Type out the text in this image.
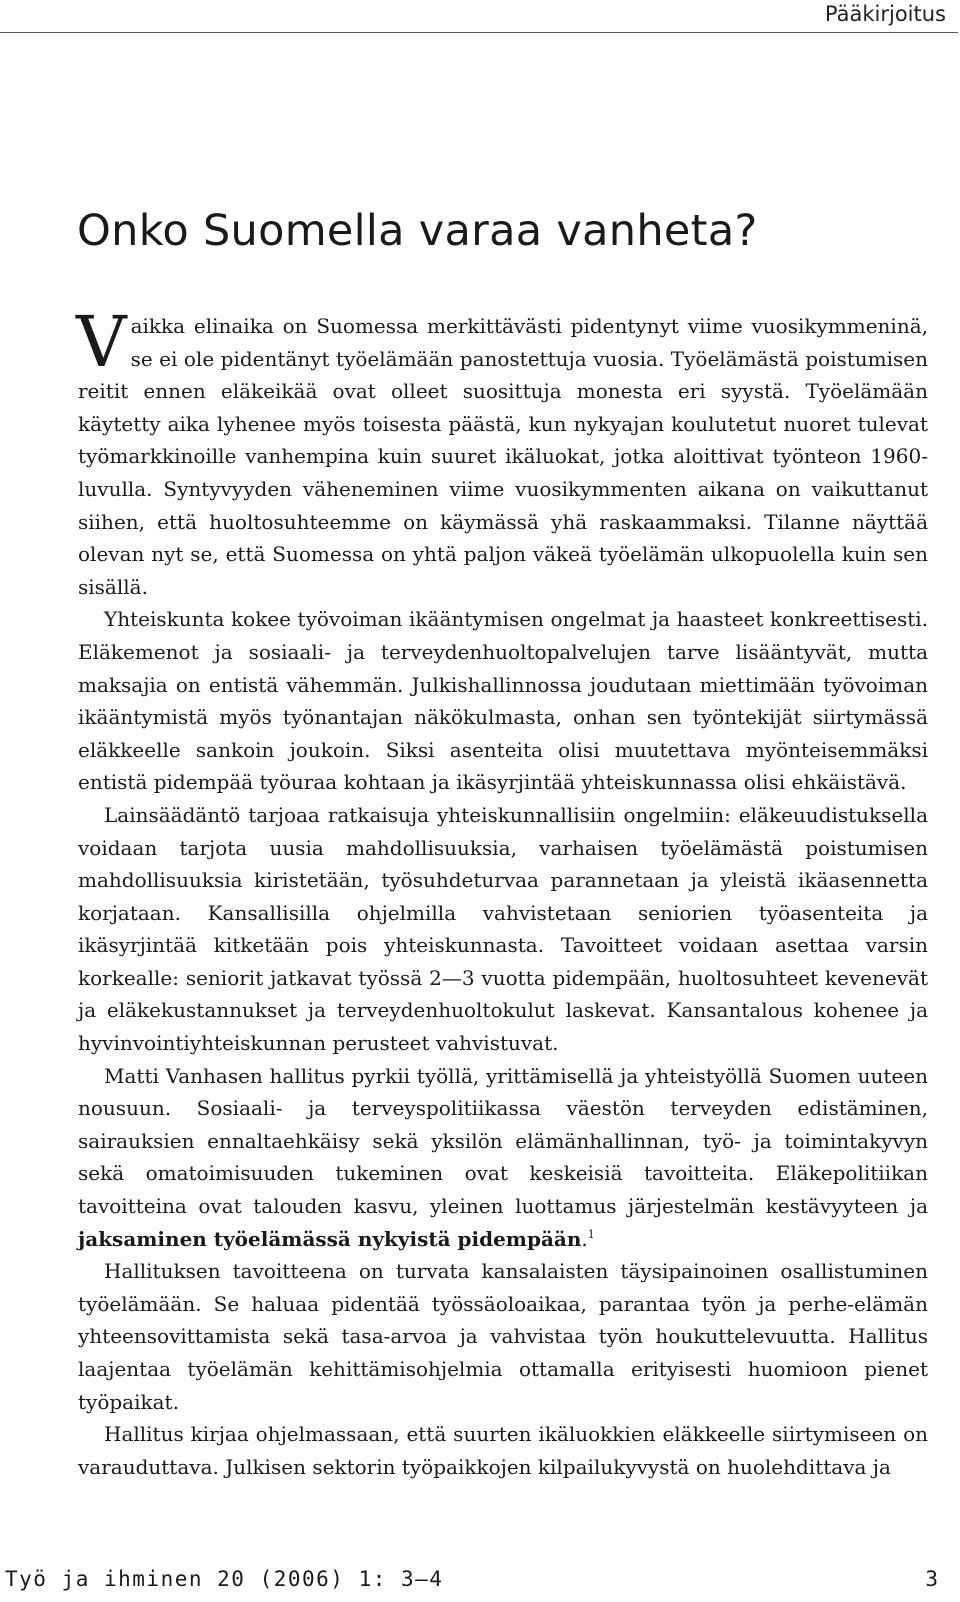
Pääkirjoitus
Onko Suomella varaa vanheta?

Vaikka elinaika on Suomessa merkittävästi pidentynyt viime vuosikymmeninä, se ei ole pidentänyt työelämään panostettuja vuosia. Työelämästä poistumisen reitit ennen eläkeikää ovat olleet suosittuja monesta eri syystä. Työelämään käytetty aika lyhenee myös toisesta päästä, kun nykyajan koulutetut nuoret tulevat työmarkkinoille vanhempina kuin suuret ikäluokat, jotka aloittivat työnteon 1960-luvulla. Syntyvyyden väheneminen viime vuosikymmenten aikana on vaikuttanut siihen, että huoltosuhteemme on käymässä yhä raskaammaksi. Tilanne näyttää olevan nyt se, että Suomessa on yhtä paljon väkeä työelämän ulkopuolella kuin sen sisällä.

Yhteiskunta kokee työvoiman ikääntymisen ongelmat ja haasteet konkreettisesti. Eläkemenot ja sosiaali- ja terveydenhuoltopalvelujen tarve lisääntyvät, mutta maksajia on entistä vähemmän. Julkishallinnossa joudutaan miettimään työvoiman ikääntymistä myös työnantajan näkökulmasta, onhan sen työntekijät siirtymässä eläkkeelle sankoin joukoin. Siksi asenteita olisi muutettava myönteisemmäksi entistä pidempää työuraa kohtaan ja ikäsyrjintää yhteiskunnassa olisi ehkäistävä.

Lainsäädäntö tarjoaa ratkaisuja yhteiskunnallisiin ongelmiin: eläkeuudistuksella voidaan tarjota uusia mahdollisuuksia, varhaisen työelämästä poistumisen mahdollisuuksia kiristetään, työsuhdeturvaa parannetaan ja yleistä ikäasennetta korjataan. Kansallisilla ohjelmilla vahvistetaan seniorien työasenteita ja ikäsyrjintää kitketään pois yhteiskunnasta. Tavoitteet voidaan asettaa varsin korkealle: seniorit jatkavat työssä 2—3 vuotta pidempään, huoltosuhteet kevenevät ja eläkekustannukset ja terveydenhuoltokulut laskevat. Kansantalous kohenee ja hyvinvointiyhteiskunnan perusteet vahvistuvat.

Matti Vanhasen hallitus pyrkii työllä, yrittämisellä ja yhteistyöllä Suomen uuteen nousuun. Sosiaali- ja terveyspolitiikassa väestön terveyden edistäminen, sairauksien ennaltaehkäisy sekä yksilön elämänhallinnan, työ- ja toimintakyvyn sekä omatoimisuuden tukeminen ovat keskeisiä tavoitteita. Eläkepolitiikan tavoitteina ovat talouden kasvu, yleinen luottamus järjestelmän kestävyyteen ja jaksaminen työelämässä nykyistä pidempään.$^1$

Hallituksen tavoitteena on turvata kansalaisten täysipainoinen osallistuminen työelämään. Se haluaa pidentää työssäoloaikaa, parantaa työn ja perhe-elämän yhteensovittamista sekä tasa-arvoa ja vahvistaa työn houkuttelevuutta. Hallitus laajentaa työelämän kehittämisohjelmia ottamalla erityisesti huomioon pienet työpaikat.

Hallitus kirjaa ohjelmassaan, että suurten ikäluokkien eläkkeelle siirtymiseen on varauduttava. Julkisen sektorin työpaikkojen kilpailukyvystä on huolehdittava ja

Työ ja ihminen 20 (2006) 1: 3—4	3
